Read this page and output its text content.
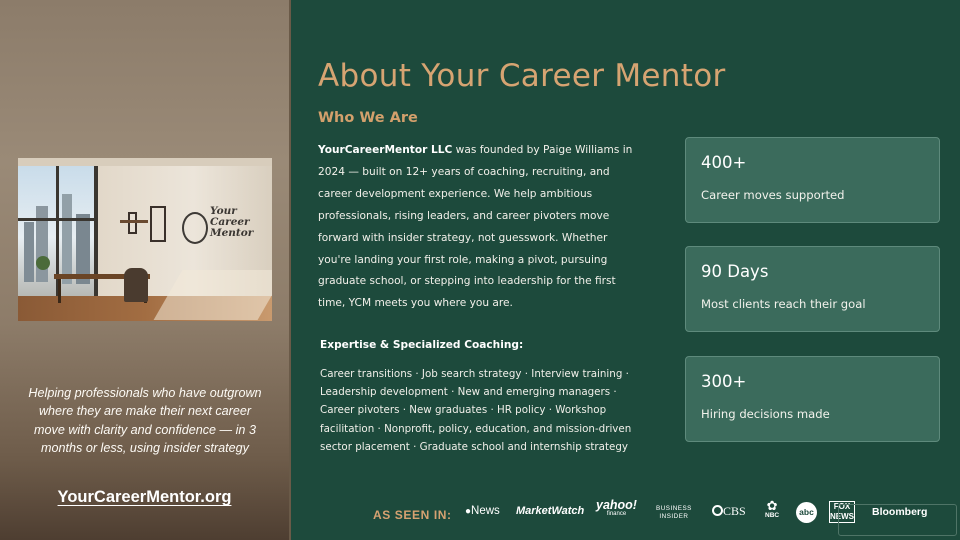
Your
Career
Mentor
Helping professionals who have outgrown where they are make their next career move with clarity and confidence — in 3 months or less, using insider strategy
YourCareerMentor.org
About Your Career Mentor
Who We Are

YourCareerMentor LLC was founded by Paige Williams in 2024 — built on 12+ years of coaching, recruiting, and career development experience. We help ambitious professionals, rising leaders, and career pivoters move forward with insider strategy, not guesswork. Whether you're landing your first role, making a pivot, pursuing graduate school, or stepping into leadership for the first time, YCM meets you where you are.

Expertise & Specialized Coaching:

Career transitions · Job search strategy · Interview training · Leadership development · New and emerging managers · Career pivoters · New graduates · HR policy · Workshop facilitation · Nonprofit, policy, education, and mission-driven sector placement · Graduate school and internship strategy

400+
Career moves supported
90 Days
Most clients reach their goal
300+
Hiring decisions made
AS SEEN IN: ●News MarketWatch yahoo!
finance
BUSINESS
INSIDER	CBS ✿
NBC	abc
FOX
NEWS Bloomberg
